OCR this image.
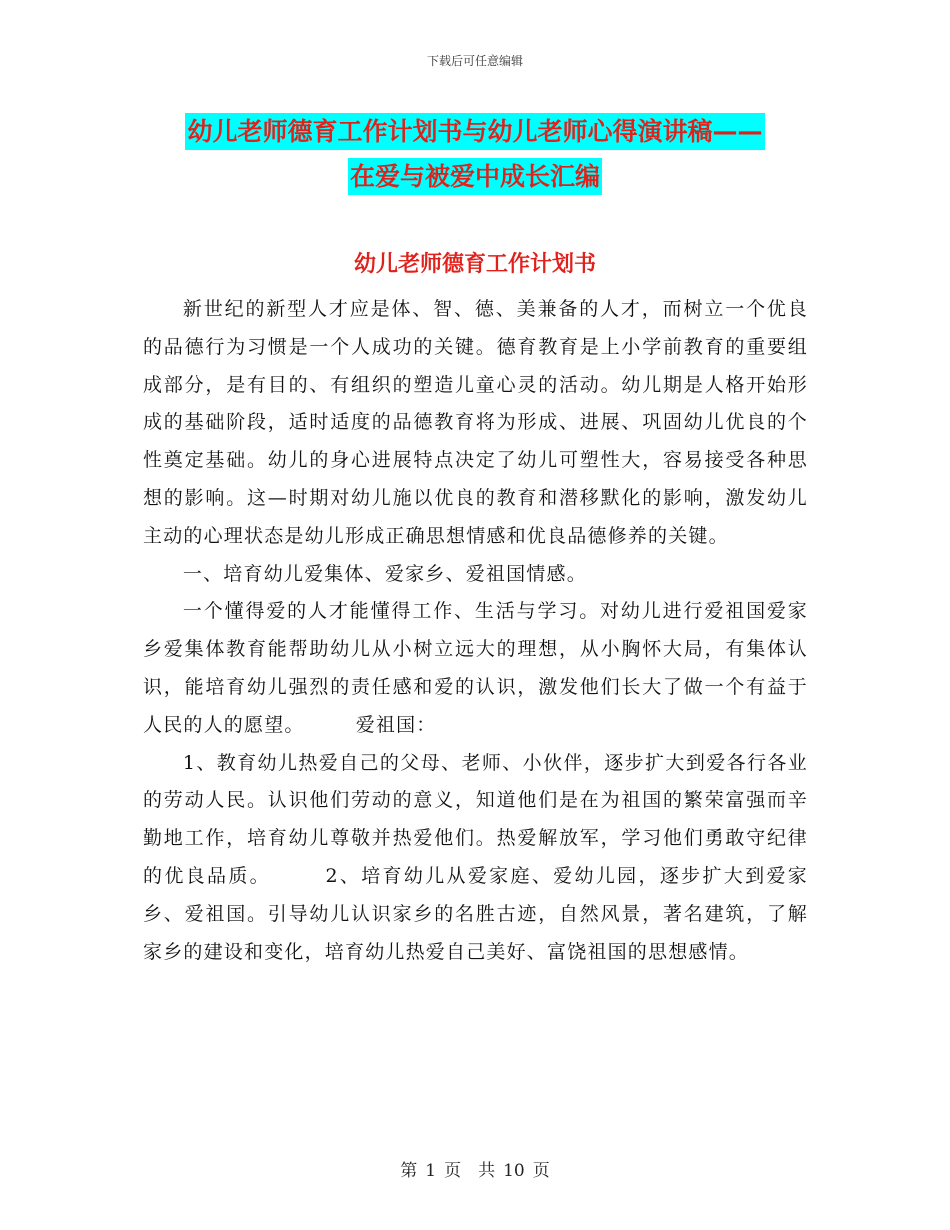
下载后可任意编辑
幼儿老师德育工作计划书与幼儿老师心得演讲稿——
在爱与被爱中成长汇编
幼儿老师德育工作计划书

新世纪的新型人才应是体、智、德、美兼备的人才，而树立一个优良的品德行为习惯是一个人成功的关键。德育教育是上小学前教育的重要组成部分，是有目的、有组织的塑造儿童心灵的活动。幼儿期是人格开始形成的基础阶段，适时适度的品德教育将为形成、进展、巩固幼儿优良的个性奠定基础。幼儿的身心进展特点决定了幼儿可塑性大，容易接受各种思想的影响。这—时期对幼儿施以优良的教育和潜移默化的影响，激发幼儿主动的心理状态是幼儿形成正确思想情感和优良品德修养的关键。

一、培育幼儿爱集体、爱家乡、爱祖国情感。

一个懂得爱的人才能懂得工作、生活与学习。对幼儿进行爱祖国爱家乡爱集体教育能帮助幼儿从小树立远大的理想，从小胸怀大局，有集体认识，能培育幼儿强烈的责任感和爱的认识，激发他们长大了做一个有益于人民的人的愿望。　　　爱祖国：

1、教育幼儿热爱自己的父母、老师、小伙伴，逐步扩大到爱各行各业的劳动人民。认识他们劳动的意义，知道他们是在为祖国的繁荣富强而辛勤地工作，培育幼儿尊敬并热爱他们。热爱解放军，学习他们勇敢守纪律的优良品质。　　　2、培育幼儿从爱家庭、爱幼儿园，逐步扩大到爱家乡、爱祖国。引导幼儿认识家乡的名胜古迹，自然风景，著名建筑，了解家乡的建设和变化，培育幼儿热爱自己美好、富饶祖国的思想感情。

第 1 页　共 10 页
